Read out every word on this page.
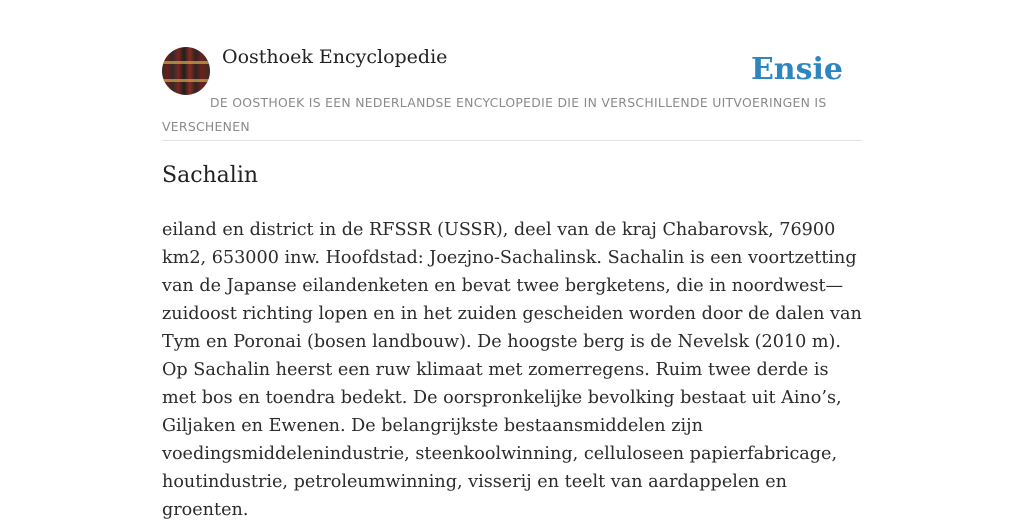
Oosthoek Encyclopedie	Ensie
DE OOSTHOEK IS EEN NEDERLANDSE ENCYCLOPEDIE DIE IN VERSCHILLENDE UITVOERINGEN IS VERSCHENEN
Sachalin

eiland en district in de RFSSR (USSR), deel van de kraj Chabarovsk, 76900 km2, 653000 inw. Hoofdstad: Joezjno-Sachalinsk. Sachalin is een voortzetting van de Japanse eilandenketen en bevat twee bergketens, die in noordwest—zuidoost richting lopen en in het zuiden gescheiden worden door de dalen van Tym en Poronai (bosen landbouw). De hoogste berg is de Nevelsk (2010 m). Op Sachalin heerst een ruw klimaat met zomerregens. Ruim twee derde is met bos en toendra bedekt. De oorspronkelijke bevolking bestaat uit Aino’s, Giljaken en Ewenen. De belangrijkste bestaansmiddelen zijn voedingsmiddelenindustrie, steenkoolwinning, celluloseen papierfabricage, houtindustrie, petroleumwinning, visserij en teelt van aardappelen en groenten.
